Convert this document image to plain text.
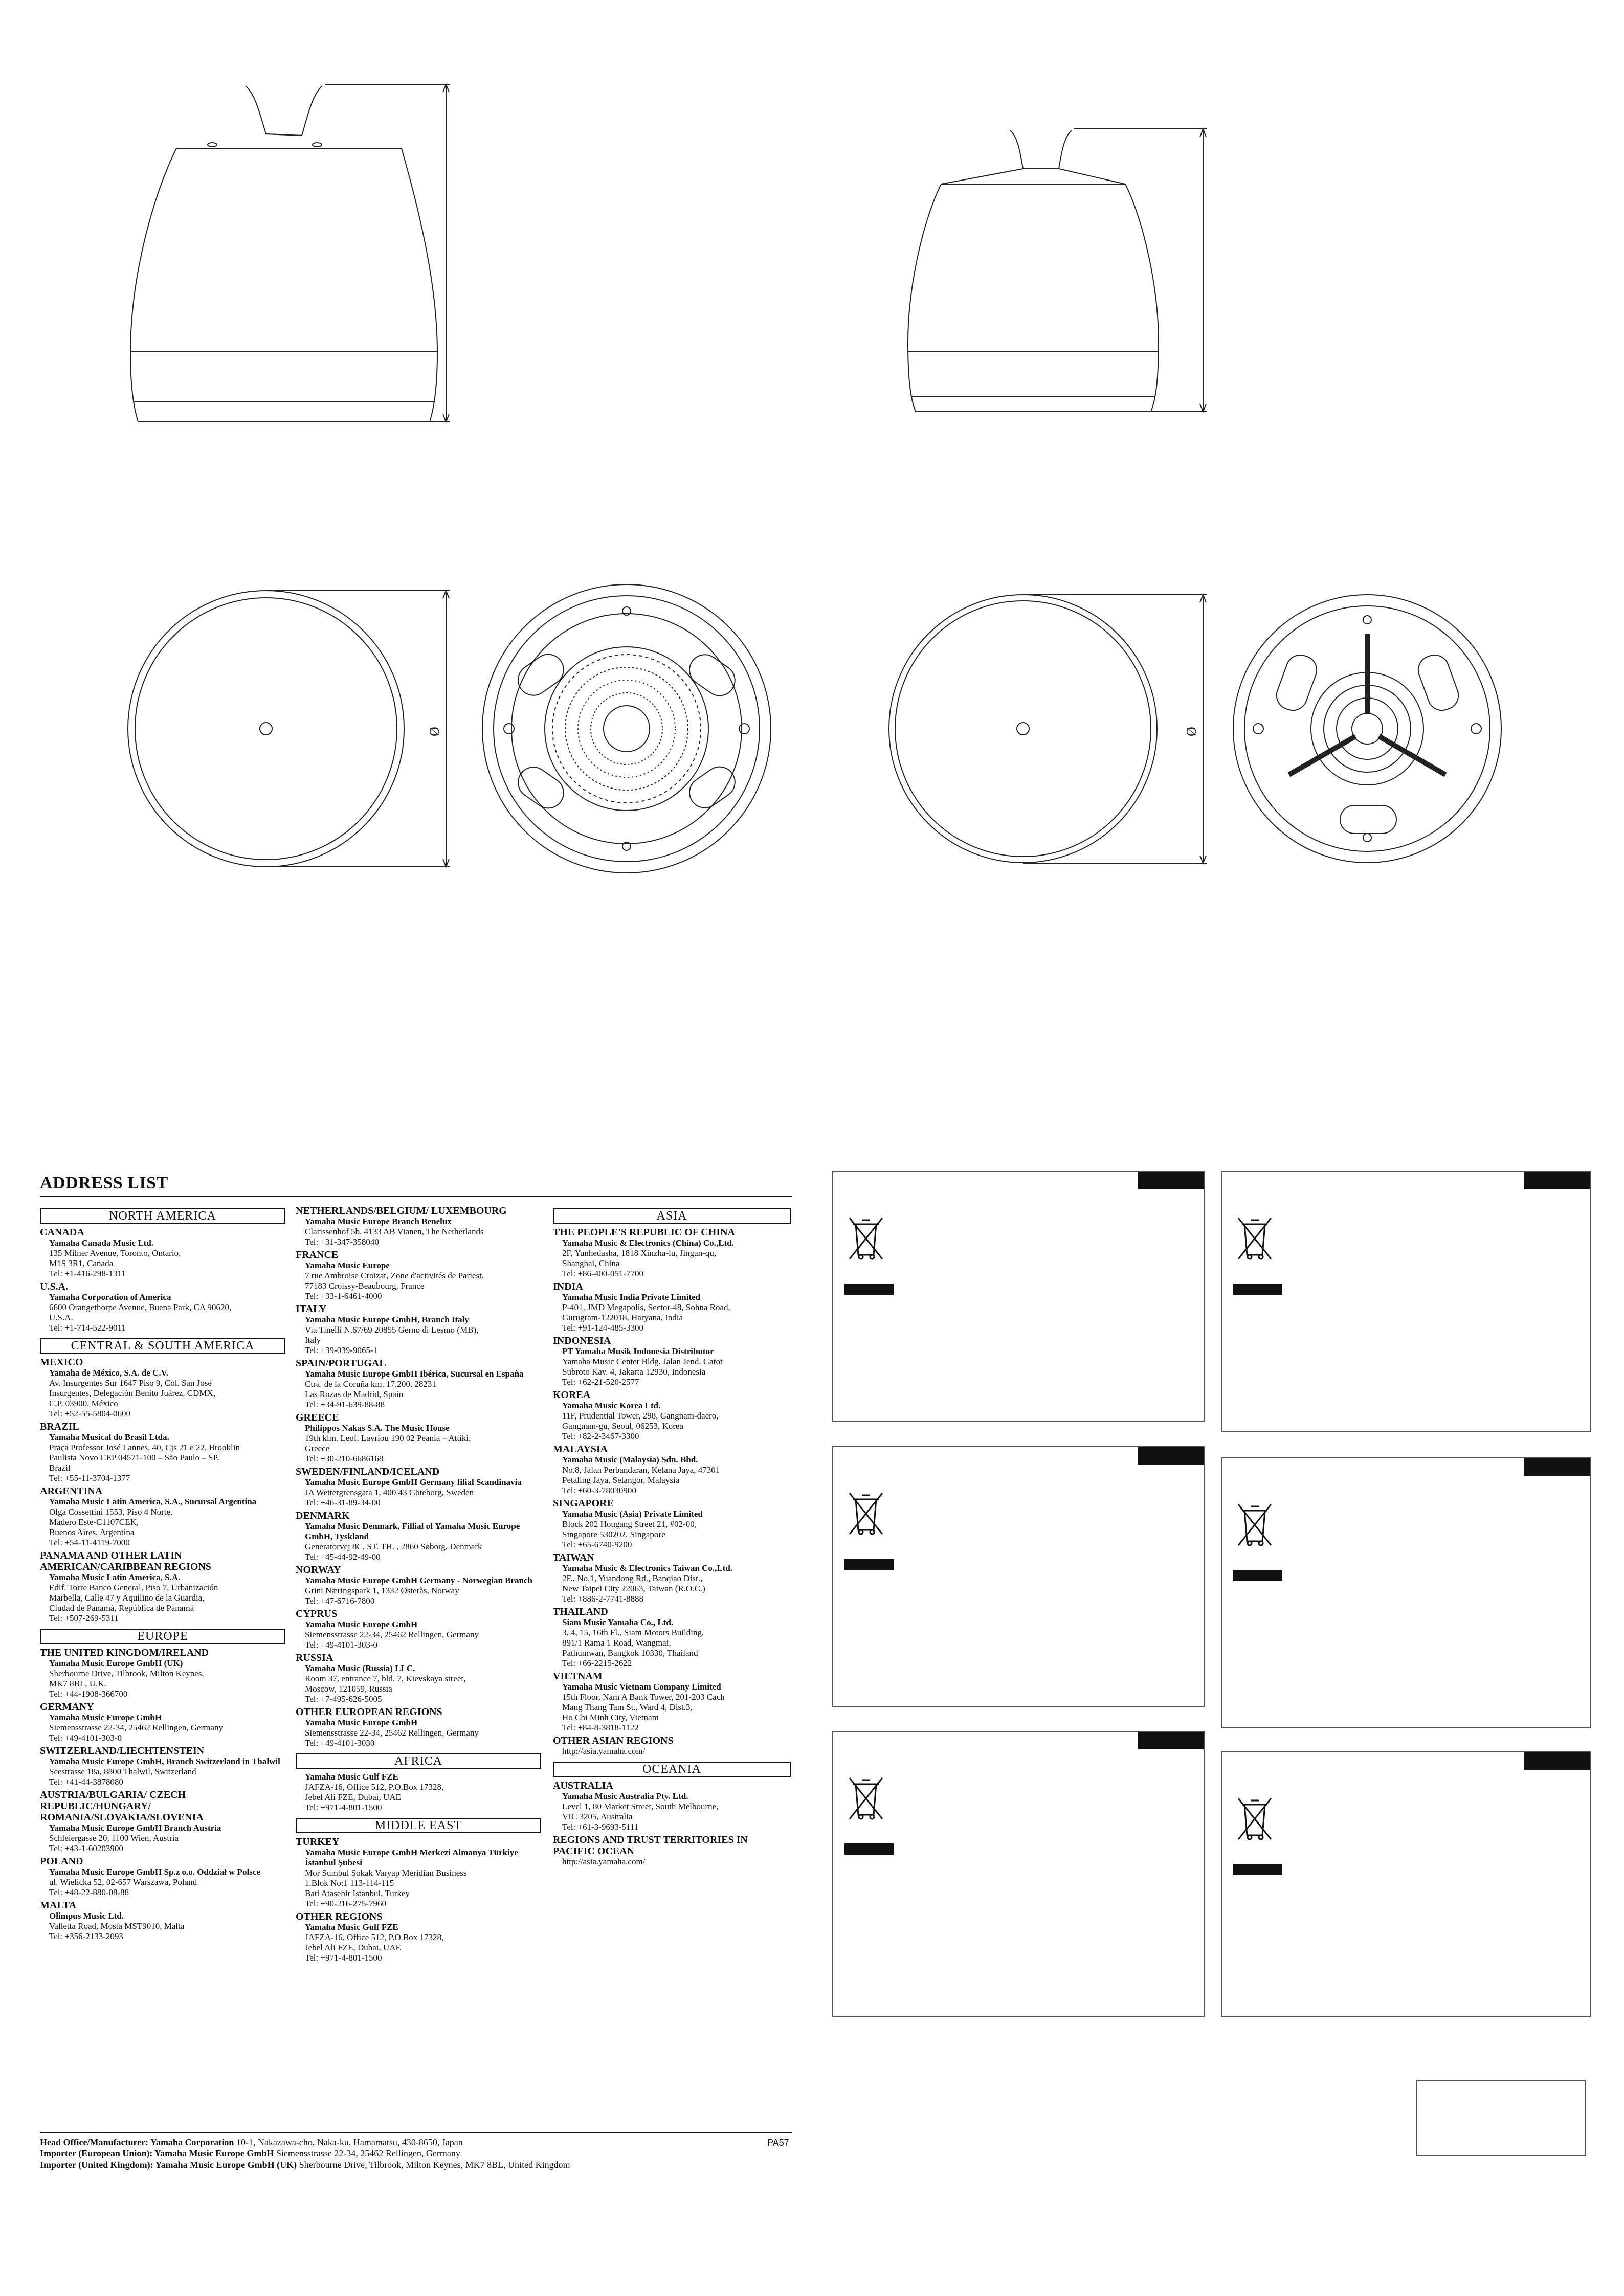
Ø	Ø
ADDRESS LIST
NORTH AMERICA
CANADA
Yamaha Canada Music Ltd.
135 Milner Avenue, Toronto, Ontario,
M1S 3R1, Canada
Tel: +1-416-298-1311
U.S.A.
Yamaha Corporation of America
6600 Orangethorpe Avenue, Buena Park, CA 90620,
U.S.A.
Tel: +1-714-522-9011
CENTRAL & SOUTH AMERICA
MEXICO
Yamaha de México, S.A. de C.V.
Av. Insurgentes Sur 1647 Piso 9, Col. San José
Insurgentes, Delegación Benito Juárez, CDMX,
C.P. 03900, México
Tel: +52-55-5804-0600
BRAZIL
Yamaha Musical do Brasil Ltda.
Praça Professor José Lannes, 40, Cjs 21 e 22, Brooklin
Paulista Novo CEP 04571-100 – São Paulo – SP,
Brazil
Tel: +55-11-3704-1377
ARGENTINA
Yamaha Music Latin America, S.A., Sucursal Argentina
Olga Cossettini 1553, Piso 4 Norte,
Madero Este-C1107CEK,
Buenos Aires, Argentina
Tel: +54-11-4119-7000
PANAMA AND OTHER LATIN AMERICAN/CARIBBEAN REGIONS
Yamaha Music Latin America, S.A.
Edif. Torre Banco General, Piso 7, Urbanización
Marbella, Calle 47 y Aquilino de la Guardia,
Ciudad de Panamá, República de Panamá
Tel: +507-269-5311
EUROPE
THE UNITED KINGDOM/IRELAND
Yamaha Music Europe GmbH (UK)
Sherbourne Drive, Tilbrook, Milton Keynes,
MK7 8BL, U.K.
Tel: +44-1908-366700
GERMANY
Yamaha Music Europe GmbH
Siemensstrasse 22-34, 25462 Rellingen, Germany
Tel: +49-4101-303-0
SWITZERLAND/LIECHTENSTEIN
Yamaha Music Europe GmbH, Branch Switzerland in Thalwil
Seestrasse 18a, 8800 Thalwil, Switzerland
Tel: +41-44-3878080
AUSTRIA/BULGARIA/ CZECH REPUBLIC/HUNGARY/ ROMANIA/SLOVAKIA/SLOVENIA
Yamaha Music Europe GmbH Branch Austria
Schleiergasse 20, 1100 Wien, Austria
Tel: +43-1-60203900
POLAND
Yamaha Music Europe GmbH Sp.z o.o. Oddział w Polsce
ul. Wielicka 52, 02-657 Warszawa, Poland
Tel: +48-22-880-08-88
MALTA
Olimpus Music Ltd.
Valletta Road, Mosta MST9010, Malta
Tel: +356-2133-2093
NETHERLANDS/BELGIUM/ LUXEMBOURG
Yamaha Music Europe Branch Benelux
Clarissenhof 5b, 4133 AB Vianen, The Netherlands
Tel: +31-347-358040
FRANCE
Yamaha Music Europe
7 rue Ambroise Croizat, Zone d'activités de Pariest,
77183 Croissy-Beaubourg, France
Tel: +33-1-6461-4000
ITALY
Yamaha Music Europe GmbH, Branch Italy
Via Tinelli N.67/69 20855 Gerno di Lesmo (MB),
Italy
Tel: +39-039-9065-1
SPAIN/PORTUGAL
Yamaha Music Europe GmbH Ibérica, Sucursal en España
Ctra. de la Coruña km. 17,200, 28231
Las Rozas de Madrid, Spain
Tel: +34-91-639-88-88
GREECE
Philippos Nakas S.A. The Music House
19th klm. Leof. Lavriou 190 02 Peania – Attiki,
Greece
Tel: +30-210-6686168
SWEDEN/FINLAND/ICELAND
Yamaha Music Europe GmbH Germany filial Scandinavia
JA Wettergrensgata 1, 400 43 Göteborg, Sweden
Tel: +46-31-89-34-00
DENMARK
Yamaha Music Denmark, Fillial of Yamaha Music Europe GmbH, Tyskland
Generatorvej 8C, ST. TH. , 2860 Søborg, Denmark
Tel: +45-44-92-49-00
NORWAY
Yamaha Music Europe GmbH Germany - Norwegian Branch
Grini Næringspark 1, 1332 Østerås, Norway
Tel: +47-6716-7800
CYPRUS
Yamaha Music Europe GmbH
Siemensstrasse 22-34, 25462 Rellingen, Germany
Tel: +49-4101-303-0
RUSSIA
Yamaha Music (Russia) LLC.
Room 37, entrance 7, bld. 7, Kievskaya street,
Moscow, 121059, Russia
Tel: +7-495-626-5005
OTHER EUROPEAN REGIONS
Yamaha Music Europe GmbH
Siemensstrasse 22-34, 25462 Rellingen, Germany
Tel: +49-4101-3030
AFRICA
Yamaha Music Gulf FZE
JAFZA-16, Office 512, P.O.Box 17328,
Jebel Ali FZE, Dubai, UAE
Tel: +971-4-801-1500
MIDDLE EAST
TURKEY
Yamaha Music Europe GmbH Merkezi Almanya Türkiye İstanbul Şubesi
Mor Sumbul Sokak Varyap Meridian Business
1.Blok No:1 113-114-115
Bati Atasehir Istanbul, Turkey
Tel: +90-216-275-7960
OTHER REGIONS
Yamaha Music Gulf FZE
JAFZA-16, Office 512, P.O.Box 17328,
Jebel Ali FZE, Dubai, UAE
Tel: +971-4-801-1500
ASIA
THE PEOPLE'S REPUBLIC OF CHINA
Yamaha Music & Electronics (China) Co.,Ltd.
2F, Yunhedasha, 1818 Xinzha-lu, Jingan-qu,
Shanghai, China
Tel: +86-400-051-7700
INDIA
Yamaha Music India Private Limited
P-401, JMD Megapolis, Sector-48, Sohna Road,
Gurugram-122018, Haryana, India
Tel: +91-124-485-3300
INDONESIA
PT Yamaha Musik Indonesia Distributor
Yamaha Music Center Bldg. Jalan Jend. Gatot
Subroto Kav. 4, Jakarta 12930, Indonesia
Tel: +62-21-520-2577
KOREA
Yamaha Music Korea Ltd.
11F, Prudential Tower, 298, Gangnam-daero,
Gangnam-gu, Seoul, 06253, Korea
Tel: +82-2-3467-3300
MALAYSIA
Yamaha Music (Malaysia) Sdn. Bhd.
No.8, Jalan Perbandaran, Kelana Jaya, 47301
Petaling Jaya, Selangor, Malaysia
Tel: +60-3-78030900
SINGAPORE
Yamaha Music (Asia) Private Limited
Block 202 Hougang Street 21, #02-00,
Singapore 530202, Singapore
Tel: +65-6740-9200
TAIWAN
Yamaha Music & Electronics Taiwan Co.,Ltd.
2F., No.1, Yuandong Rd., Banqiao Dist.,
New Taipei City 22063, Taiwan (R.O.C.)
Tel: +886-2-7741-8888
THAILAND
Siam Music Yamaha Co., Ltd.
3, 4, 15, 16th Fl., Siam Motors Building,
891/1 Rama 1 Road, Wangmai,
Pathumwan, Bangkok 10330, Thailand
Tel: +66-2215-2622
VIETNAM
Yamaha Music Vietnam Company Limited
15th Floor, Nam A Bank Tower, 201-203 Cach
Mang Thang Tam St., Ward 4, Dist.3,
Ho Chi Minh City, Vietnam
Tel: +84-8-3818-1122
OTHER ASIAN REGIONS
http://asia.yamaha.com/
OCEANIA
AUSTRALIA
Yamaha Music Australia Pty. Ltd.
Level 1, 80 Market Street, South Melbourne,
VIC 3205, Australia
Tel: +61-3-9693-5111
REGIONS AND TRUST TERRITORIES IN PACIFIC OCEAN
http://asia.yamaha.com/
Head Office/Manufacturer: Yamaha Corporation 10-1, Nakazawa-cho, Naka-ku, Hamamatsu, 430-8650, Japan
Importer (European Union): Yamaha Music Europe GmbH Siemensstrasse 22-34, 25462 Rellingen, Germany
Importer (United Kingdom): Yamaha Music Europe GmbH (UK) Sherbourne Drive, Tilbrook, Milton Keynes, MK7 8BL, United Kingdom
PA57
